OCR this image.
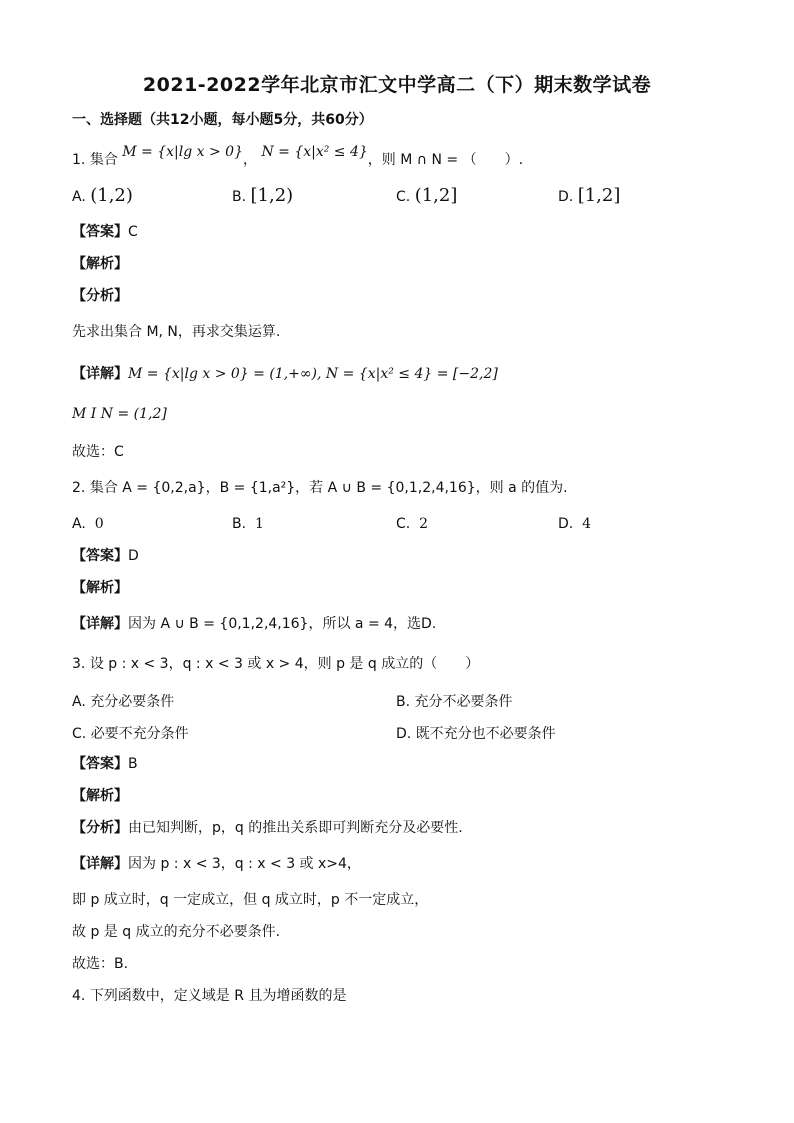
2021-2022学年北京市汇文中学高二（下）期末数学试卷
一、选择题（共12小题，每小题5分，共60分）
1. 集合 M = {x|lg x > 0}， N = {x|x² ≤ 4}，则 M ∩ N = （　　）.
A. (1,2)	B. [1,2)	C. (1,2]	D. [1,2]
【答案】C
【解析】
【分析】
先求出集合 M, N，再求交集运算.
【详解】M = {x|lg x > 0} = (1,+∞), N = {x|x² ≤ 4} = [−2,2]
M I N = (1,2]
故选：C
2. 集合 A = {0,2,a}，B = {1,a²}，若 A ∪ B = {0,1,2,4,16}，则 a 的值为.
A. 0	B. 1	C. 2	D. 4
【答案】D
【解析】
【详解】因为 A ∪ B = {0,1,2,4,16}，所以 a = 4，选D.
3. 设 p : x < 3，q : x < 3 或 x > 4，则 p 是 q 成立的（　　）
A. 充分必要条件	B. 充分不必要条件
C. 必要不充分条件	D. 既不充分也不必要条件
【答案】B
【解析】
【分析】由已知判断，p，q 的推出关系即可判断充分及必要性.
【详解】因为 p : x < 3，q : x < 3 或 x>4，
即 p 成立时，q 一定成立，但 q 成立时，p 不一定成立，
故 p 是 q 成立的充分不必要条件.
故选：B.
4. 下列函数中，定义域是 R 且为增函数的是
